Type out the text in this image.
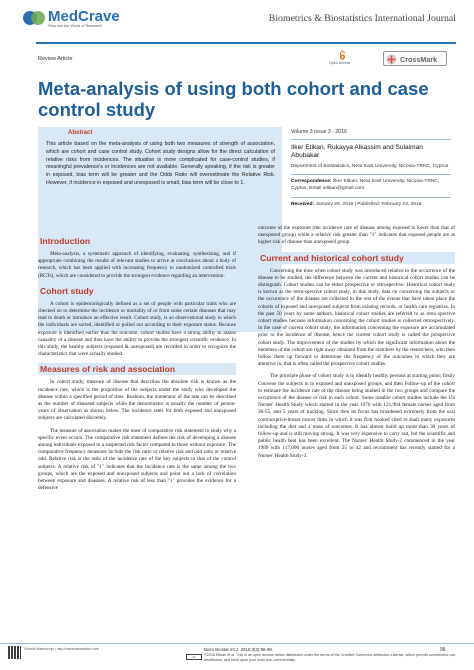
MedCrave
Step into the World of Research
Biometrics & Biostatistics International Journal
Review Article
Open Access	CrossMark
Meta-analysis of using both cohort and case control study
Abstract

This article based on the meta-analysis of using both two measures of strength of association, which are cohort and case control study. Cohort study designs allow for the direct calculation of relative risks from incidences. The situation is more complicated for case-control studies, if meaningful prevalence's or incidences are not available. Generally speaking, if the risk is greater in exposed, bias term will be greater and the Odds Ratio will overestimate the Relative Risk. However, if incidence in exposed and unexposed is small, bias term will be close to 1.

Volume 3 Issue 3 - 2016
Ilker Etikan, Rukayya Alkassim and Sulaiman Abubakar
Department of Biostatistics, Near East University, Nicosia-TRNC, Cyprus
Correspondence: Ilker Etikan, Near East University, Nicosia-TRNC, Cyprus, Email ietikan@gmail.com
Received: January 28, 2016 | Published: February 23, 2016
Introduction

Meta-analysis, a systematic approach of identifying, evaluating, synthesizing, and if appropriate combining the results of relevant studies to arrive at conclusions about a body of research, which has been applied with increasing frequency to randomized controlled trials (RCTs), which are considered to provide the strongest evidence regarding an intervention.

Cohort study

A cohort is epidemiologically defined as a set of people with particular traits who are checked on to determine the incidence or mortality of or from some certain diseases that may lead to death or introduce an effective result. Cohort study, is an observational study in which the individuals are sorted, identified or pulled out according to their exposure status. Because exposure is identified earlier than the outcome, cohort studies have a strong ability to assess causality of a disease and thus have the ability to provide the strongest scientific evidence. In this study, the healthy subjects (exposed & unexposed) are recorded in order to recognize the characteristics that were actually studied.

Measures of risk and association

In cohort study, measure of disease that describes the absolute risk is known as the incidence rate, which is the proportion of the subjects under the study who developed the disease within a specified period of time. Rushton, the numerator of the rate can be described as the number of diseased subjects while the denominator is usually the number of person-years of observation as shown below. The incidence rates for both exposed and unexposed subjects are calculated discretely.

The measure of association makes the most of comparative risk statement to study why a specific event occurs. The comparative risk statement defines the risk of developing a disease among individuals exposed to a suspected risk factor compared to those without exposure. The comparative frequency measures include the risk ratio or relative risk and odd ratio or relative odd. Relative risk is the ratio of the incidence rate of the key subjects to that of the control subjects. A relative risk of "1" indicates that the incidence rate is the same among the two groups, which are the exposed and unexposed subjects and point out a lack of correlation between exposure and diseases. A relative risk of less than "1" provides the evidence for a defensive

outcome of the exposure (the incidence rate of disease among exposed is lower than that of unexposed group) while a relative risk greater than "1" indicates that exposed people are at higher risk of disease than unexposed group.

Current and historical cohort study

Concerning the time when cohort study was introduced relative to the occurrence of the disease to be studied, the difference between the current and historical cohort studies can be distinguish. Cohort studies can be either prospective or retrospective. Historical cohort study is known as the retro-spective cohort study, in this study, data on concerning the subjects or the occurrence of the disease are collected to the rest of the events that have taken place the cohorts of exposed and unexposed subjects from existing records, or health care registries. In the past 50 years by some authors, historical cohort studies are referred to as retro-spective cohort studies because information concerning the cohort studies is collected retrospectively. In the case of current cohort study, the information concerning the exposure are accumulated prior to the incidence of disease, hence the current cohort study is called the prospective cohort study. The improvement of the studies by which the significant information about the members of the cohort are right away obtained from the members by the researchers, who then follow them up forward to determine the frequency of the outcomes in which they are attentive in, that is often called the prospective cohort studies.

The principle phase of cohort study is to identify healthy persons at starting point; firstly Convene the subjects in to exposed and unexposed groups, and then Follow-up of the cohort to estimate the incidence rate of the disease being studied in the two groups and compare the occurrence of the disease or risk in each cohort. Some notable cohort studies include the US Nurses' Health Study which started in the year 1976 with 121,964 female nurses aged from 30-55, and 5 years of tracking. Since then its focus has broadened extremely from the oral contraceptive-breast cancer links in which it was first hooked cited to shall many exposures including the diet and a mass of outcomes. It has almost build up more than 30 years of follow-up and is still moving strong. It was very expensive to carry out, but the scientific and public health beat has been excellent. The Nurses' Health Study-2 commenced in the year 1989 with 117,000 nurses aged from 25 to 42 and recruitment has recently started for a Nurses' Health Study-3.

Submit Manuscript | http://medcraveonline.com	Biom Biostat Int J. 2016;3(3):96-98.	96
cc	©2016 Etikan et al. This is an open access article distributed under the terms of the Creative Commons Attribution License, which permits unrestricted use, distribution, and build upon your work non-commercially.
